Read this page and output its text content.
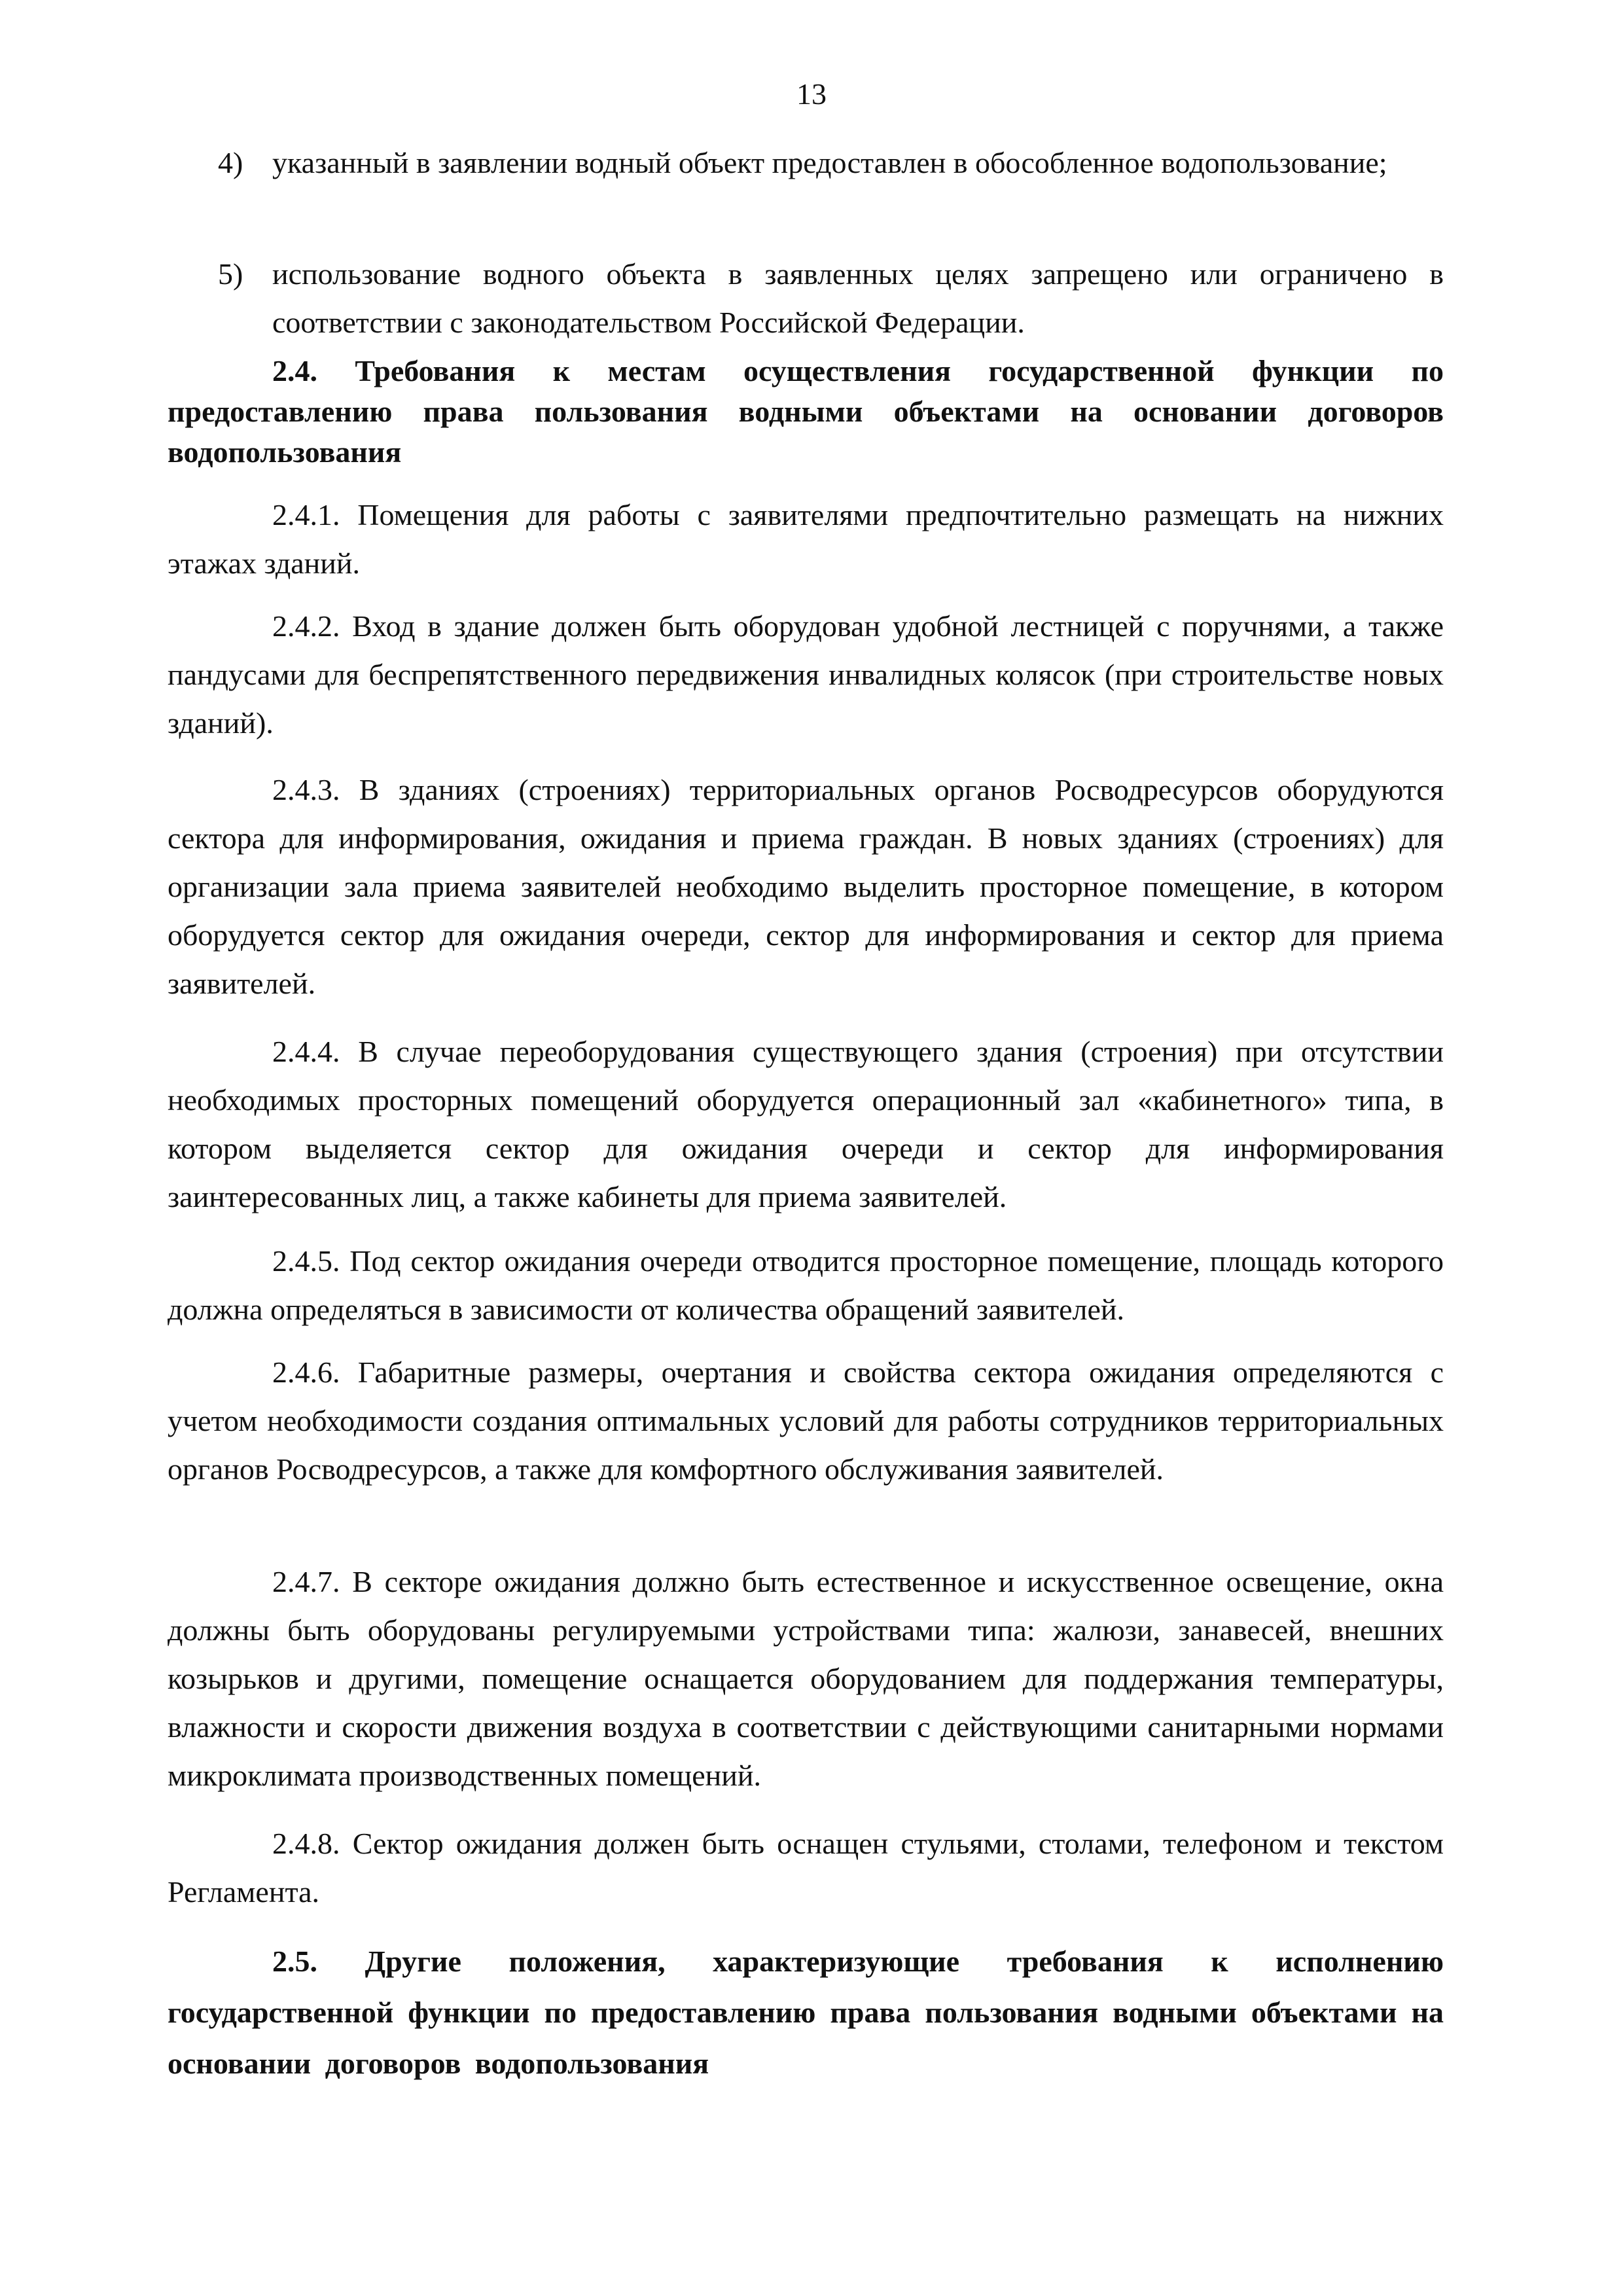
13
4) указанный в заявлении водный объект предоставлен в обособленное водопользование;
5) использование водного объекта в заявленных целях запрещено или ограничено в соответствии с законодательством Российской Федерации.
2.4. Требования к местам осуществления государственной функции по предоставлению права пользования водными объектами на основании договоров водопользования
2.4.1. Помещения для работы с заявителями предпочтительно размещать на нижних этажах зданий.
2.4.2. Вход в здание должен быть оборудован удобной лестницей с поручнями, а также пандусами для беспрепятственного передвижения инвалидных колясок (при строительстве новых зданий).
2.4.3. В зданиях (строениях) территориальных органов Росводресурсов оборудуются сектора для информирования, ожидания и приема граждан. В новых зданиях (строениях) для организации зала приема заявителей необходимо выделить просторное помещение, в котором оборудуется сектор для ожидания очереди, сектор для информирования и сектор для приема заявителей.
2.4.4. В случае переоборудования существующего здания (строения) при отсутствии необходимых просторных помещений оборудуется операционный зал «кабинетного» типа, в котором выделяется сектор для ожидания очереди и сектор для информирования заинтересованных лиц, а также кабинеты для приема заявителей.
2.4.5. Под сектор ожидания очереди отводится просторное помещение, площадь которого должна определяться в зависимости от количества обращений заявителей.
2.4.6. Габаритные размеры, очертания и свойства сектора ожидания определяются с учетом необходимости создания оптимальных условий для работы сотрудников территориальных органов Росводресурсов, а также для комфортного обслуживания заявителей.
2.4.7. В секторе ожидания должно быть естественное и искусственное освещение, окна должны быть оборудованы регулируемыми устройствами типа: жалюзи, занавесей, внешних козырьков и другими, помещение оснащается оборудованием для поддержания температуры, влажности и скорости движения воздуха в соответствии с действующими санитарными нормами микроклимата производственных помещений.
2.4.8. Сектор ожидания должен быть оснащен стульями, столами, телефоном и текстом Регламента.
2.5. Другие положения, характеризующие требования к исполнению государственной функции по предоставлению права пользования водными объектами на основании договоров водопользования
